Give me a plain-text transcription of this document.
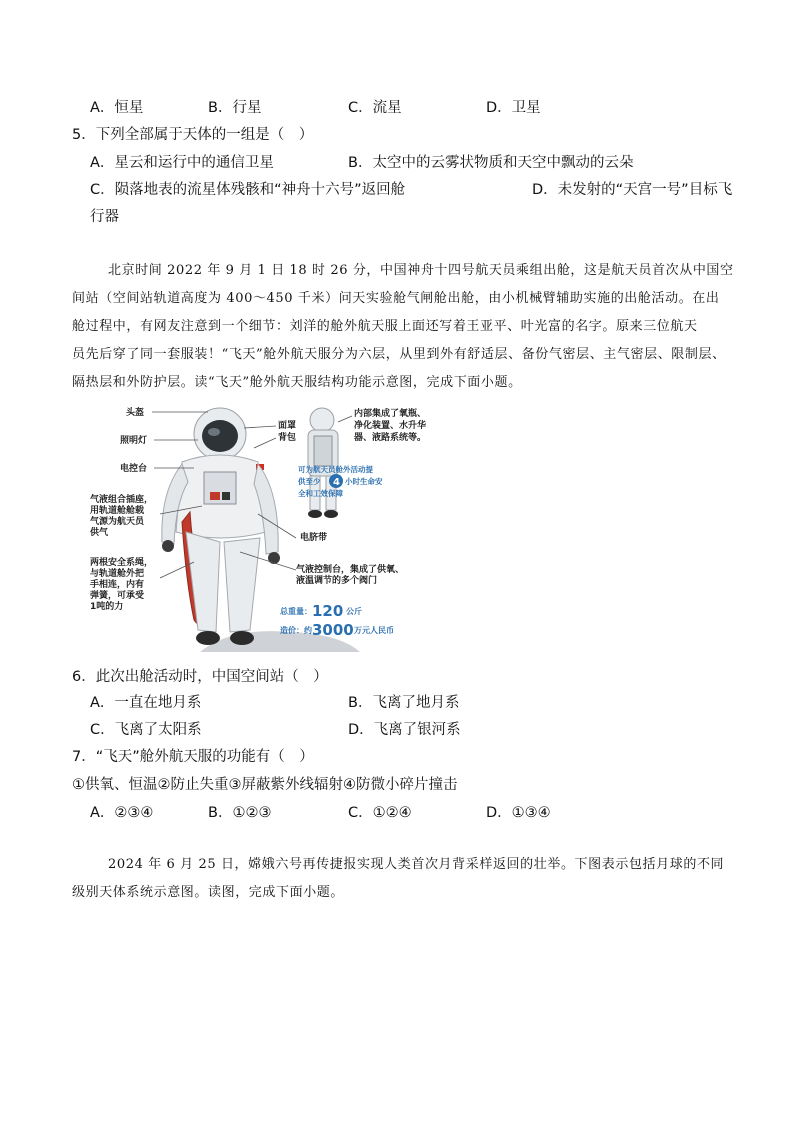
A．恒星	B．行星	C．流星	D．卫星
5．下列全部属于天体的一组是（　）
A．星云和运行中的通信卫星	B．太空中的云雾状物质和天空中飘动的云朵
C．陨落地表的流星体残骸和“神舟十六号”返回舱	D．未发射的“天宫一号”目标飞
行器
北京时间 2022 年 9 月 1 日 18 时 26 分，中国神舟十四号航天员乘组出舱，这是航天员首次从中国空
间站（空间站轨道高度为 400～450 千米）问天实验舱气闸舱出舱，由小机械臂辅助实施的出舱活动。在出
舱过程中，有网友注意到一个细节：刘洋的舱外航天服上面还写着王亚平、叶光富的名字。原来三位航天
员先后穿了同一套服装！“飞天”舱外航天服分为六层，从里到外有舒适层、备份气密层、主气密层、限制层、
隔热层和外防护层。读“飞天”舱外航天服结构功能示意图，完成下面小题。
头盔
照明灯
电控台
气液组合插座，
用轨道舱舱载
气源为航天员
供气
两根安全系绳，
与轨道舱外把
手相连，内有
弹簧，可承受
1吨的力
面罩
背包
内部集成了氧瓶、
净化装置、水升华
器、液路系统等。
可为航天员舱外活动提
供至少 4 小时生命安
全和工效保障
电脐带
气液控制台，集成了供氧、
液温调节的多个阀门
总重量： 120 公斤
造价：约 3000 万元人民币
6．此次出舱活动时，中国空间站（　）
A．一直在地月系	B．飞离了地月系
C．飞离了太阳系	D．飞离了银河系
7．“飞天”舱外航天服的功能有（　）
①供氧、恒温②防止失重③屏蔽紫外线辐射④防微小碎片撞击
A．②③④	B．①②③	C．①②④	D．①③④
2024 年 6 月 25 日，嫦娥六号再传捷报实现人类首次月背采样返回的壮举。下图表示包括月球的不同
级别天体系统示意图。读图，完成下面小题。
